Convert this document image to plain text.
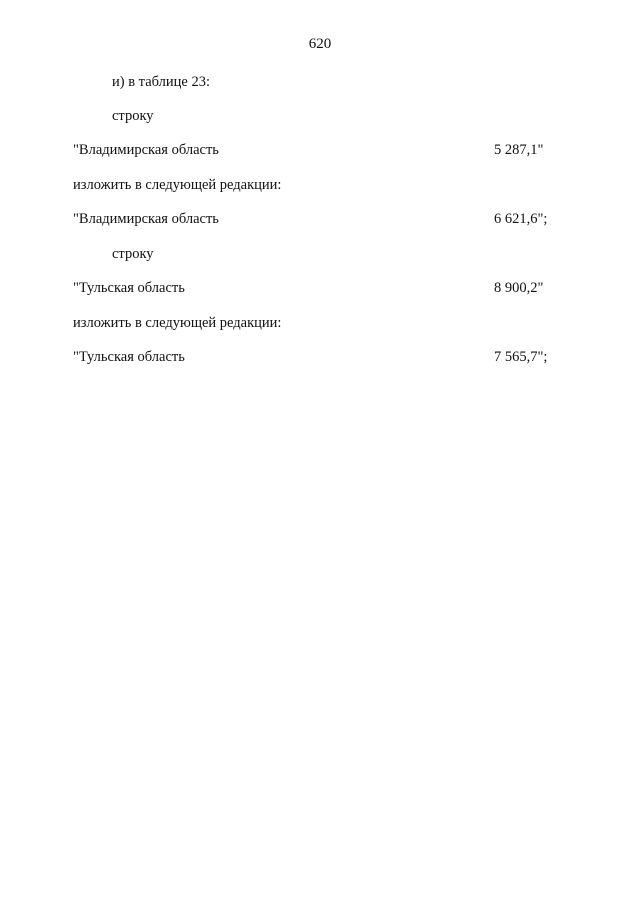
620
и) в таблице 23:
строку
"Владимирская область	5 287,1"
изложить в следующей редакции:
"Владимирская область	6 621,6";
строку
"Тульская область	8 900,2"
изложить в следующей редакции:
"Тульская область	7 565,7";
